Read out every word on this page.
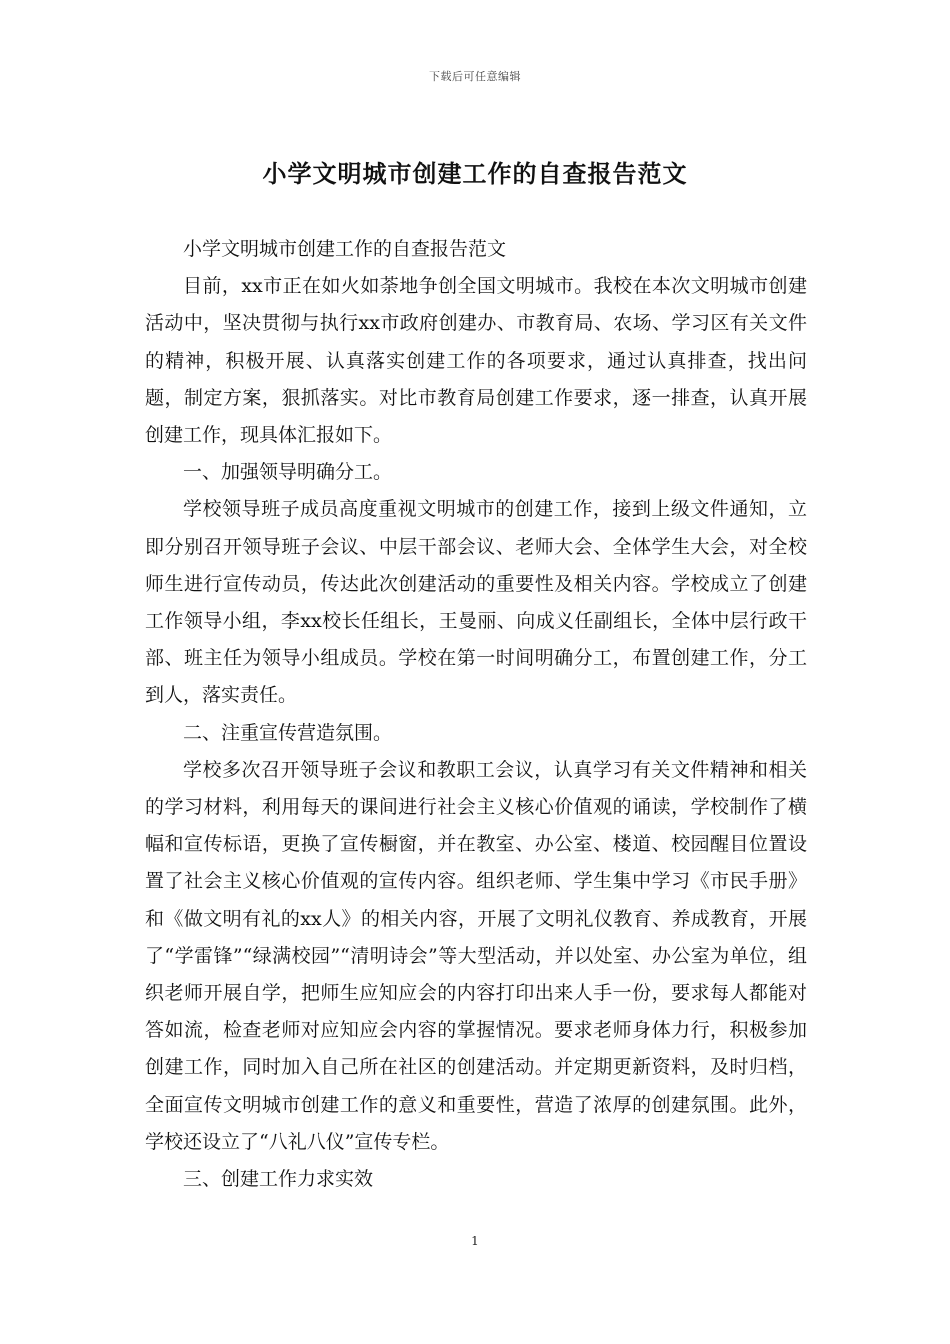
下载后可任意编辑
小学文明城市创建工作的自查报告范文

小学文明城市创建工作的自查报告范文

目前，xx市正在如火如荼地争创全国文明城市。我校在本次文明城市创建活动中，坚决贯彻与执行xx市政府创建办、市教育局、农场、学习区有关文件的精神，积极开展、认真落实创建工作的各项要求，通过认真排查，找出问题，制定方案，狠抓落实。对比市教育局创建工作要求，逐一排查，认真开展创建工作，现具体汇报如下。

一、加强领导明确分工。

学校领导班子成员高度重视文明城市的创建工作，接到上级文件通知，立即分别召开领导班子会议、中层干部会议、老师大会、全体学生大会，对全校师生进行宣传动员，传达此次创建活动的重要性及相关内容。学校成立了创建工作领导小组，李xx校长任组长，王曼丽、向成义任副组长，全体中层行政干部、班主任为领导小组成员。学校在第一时间明确分工，布置创建工作，分工到人，落实责任。

二、注重宣传营造氛围。

学校多次召开领导班子会议和教职工会议，认真学习有关文件精神和相关的学习材料，利用每天的课间进行社会主义核心价值观的诵读，学校制作了横幅和宣传标语，更换了宣传橱窗，并在教室、办公室、楼道、校园醒目位置设置了社会主义核心价值观的宣传内容。组织老师、学生集中学习《市民手册》和《做文明有礼的xx人》的相关内容，开展了文明礼仪教育、养成教育，开展了“学雷锋”“绿满校园”“清明诗会”等大型活动，并以处室、办公室为单位，组织老师开展自学，把师生应知应会的内容打印出来人手一份，要求每人都能对答如流，检查老师对应知应会内容的掌握情况。要求老师身体力行，积极参加创建工作，同时加入自己所在社区的创建活动。并定期更新资料，及时归档，全面宣传文明城市创建工作的意义和重要性，营造了浓厚的创建氛围。此外，学校还设立了“八礼八仪”宣传专栏。

三、创建工作力求实效

1
